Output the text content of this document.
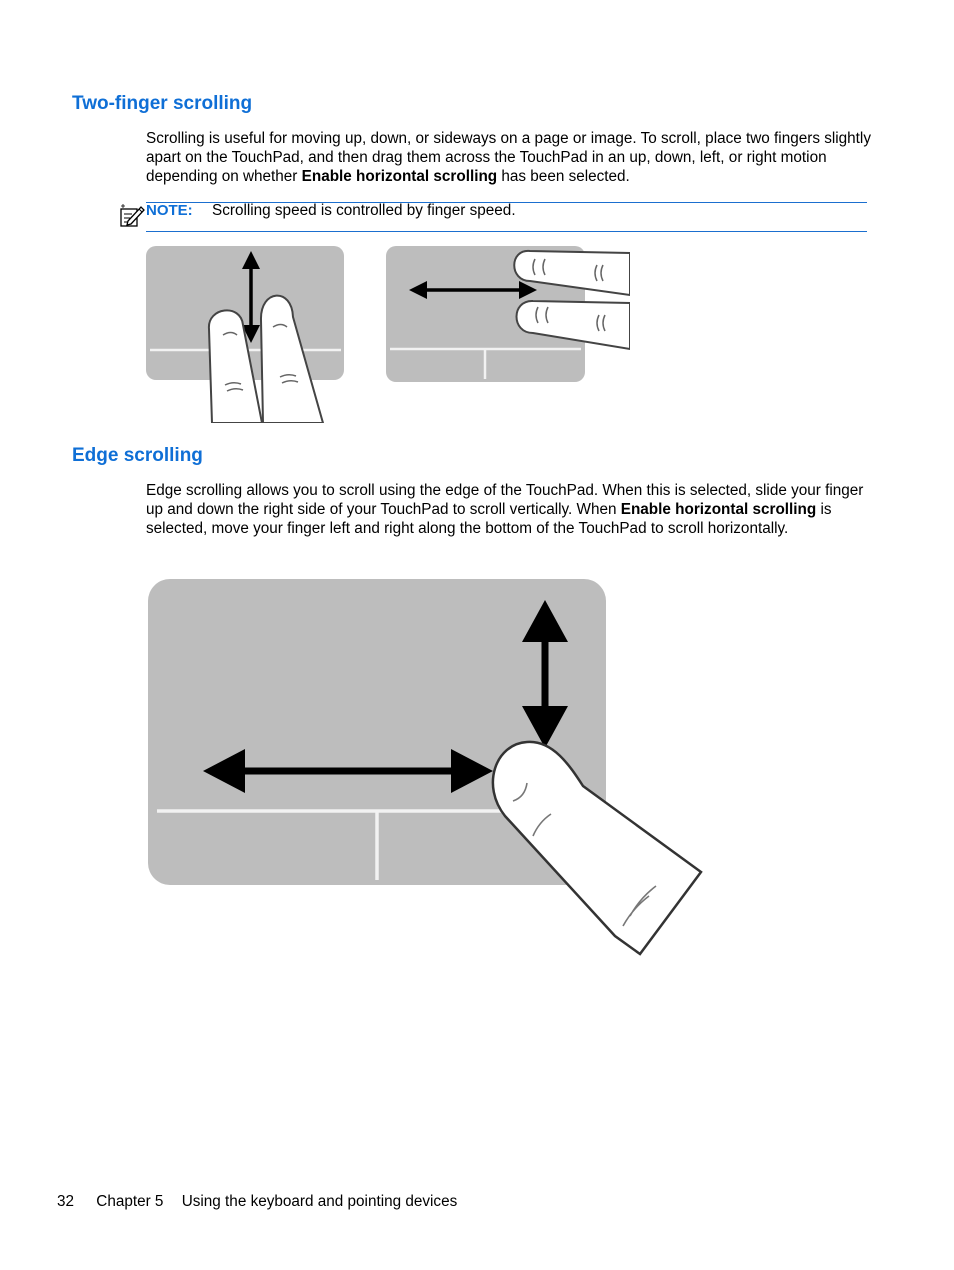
Two-finger scrolling

Scrolling is useful for moving up, down, or sideways on a page or image. To scroll, place two fingers slightly apart on the TouchPad, and then drag them across the TouchPad in an up, down, left, or right motion depending on whether Enable horizontal scrolling has been selected.

NOTE: Scrolling speed is controlled by finger speed.
Edge scrolling

Edge scrolling allows you to scroll using the edge of the TouchPad. When this is selected, slide your finger up and down the right side of your TouchPad to scroll vertically. When Enable horizontal scrolling is selected, move your finger left and right along the bottom of the TouchPad to scroll horizontally.

32 Chapter 5 Using the keyboard and pointing devices
